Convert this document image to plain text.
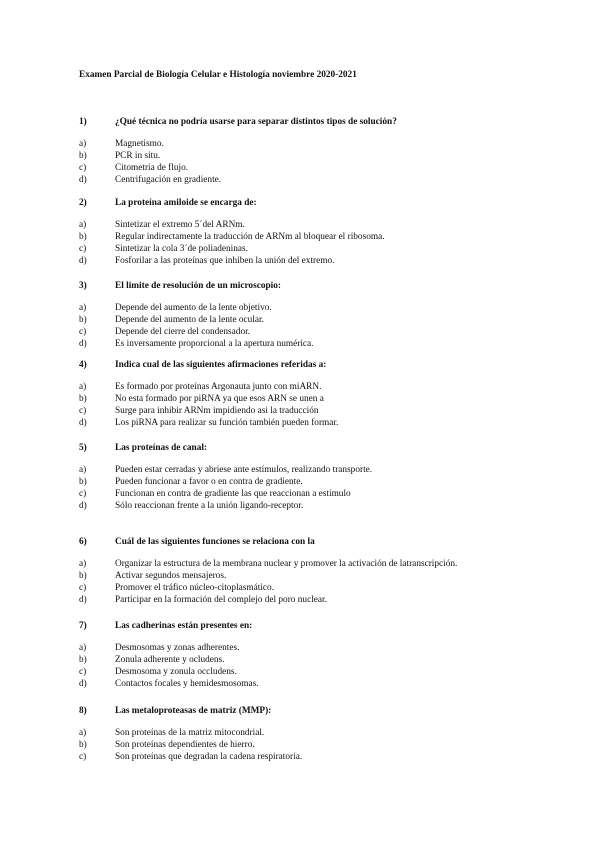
Examen Parcial de Biología Celular e Histología noviembre 2020-2021
1)	¿Qué técnica no podría usarse para separar distintos tipos de solución?
a)	Magnetismo.
b)	PCR in situ.
c)	Citometría de flujo.
d)	Centrifugación en gradiente.
2)	La proteína amiloide se encarga de:
a)	Sintetizar el extremo 5´del ARNm.
b)	Regular indirectamente la traducción de ARNm al bloquear el ribosoma.
c)	Sintetizar la cola 3´de poliadeninas.
d)	Fosforilar a las proteínas que inhiben la unión del extremo.
3)	El limite de resolución de un microscopio:
a)	Depende del aumento de la lente objetivo.
b)	Depende del aumento de la lente ocular.
c)	Depende del cierre del condensador.
d)	Es inversamente proporcional a la apertura numérica.
4)	Indica cual de las siguientes afirmaciones referidas a:
a)	Es formado por proteínas Argonauta junto con miARN.
b)	No esta formado por piRNA ya que esos ARN se unen a
c)	Surge para inhibir ARNm impidiendo asi la traducción
d)	Los piRNA para realizar su función también pueden formar.
5)	Las proteínas de canal:
a)	Pueden estar cerradas y abriese ante estímulos, realizando transporte.
b)	Pueden funcionar a favor o en contra de gradiente.
c)	Funcionan en contra de gradiente las que reaccionan a estímulo
d)	Sólo reaccionan frente a la unión ligando-receptor.
6)	Cuál de las siguientes funciones se relaciona con la
a)	Organizar la estructura de la membrana nuclear y promover la activación de latranscripción.
b)	Activar segundos mensajeros.
c)	Promover el tráfico núcleo-citoplasmático.
d)	Participar en la formación del complejo del poro nuclear.
7)	Las cadherinas están presentes en:
a)	Desmosomas y zonas adherentes.
b)	Zonula adherente y ocludens.
c)	Desmosoma y zonula occludens.
d)	Contactos focales y hemidesmosomas.
8)	Las metaloproteasas de matriz (MMP):
a)	Son proteínas de la matriz mitocondrial.
b)	Son proteínas dependientes de hierro.
c)	Son proteínas que degradan la cadena respiratoria.
